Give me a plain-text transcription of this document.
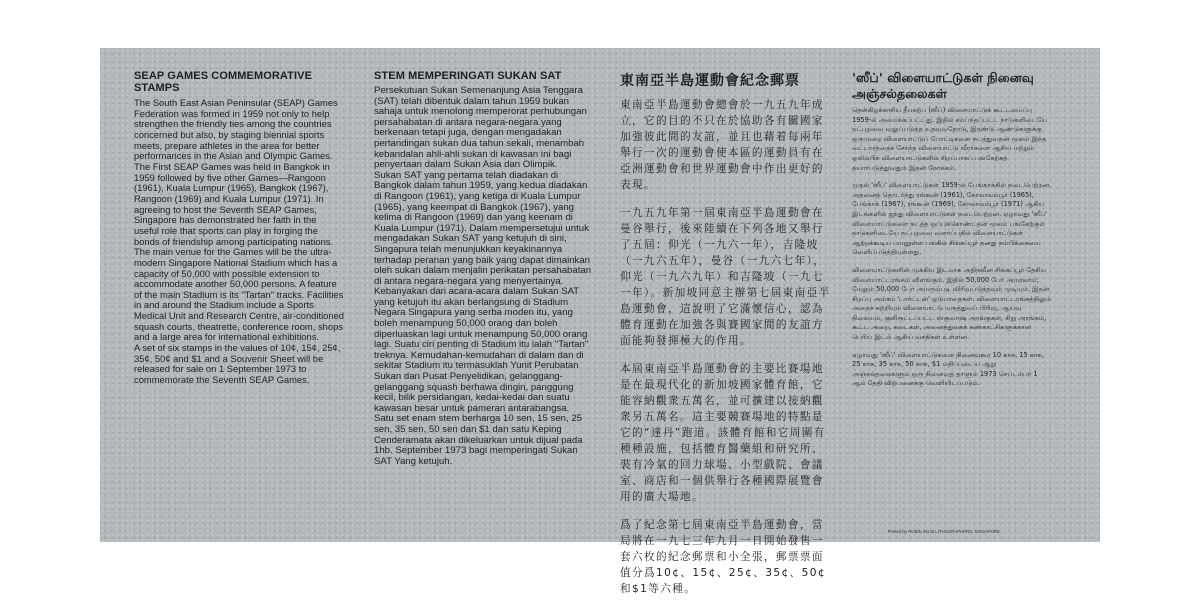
SEAP GAMES COMMEMORATIVE STAMPS

The South East Asian Peninsular (SEAP) Games Federation was formed in 1959 not only to help strengthen the friendly ties among the countries concerned but also, by staging biennial sports meets, prepare athletes in the area for better performances in the Asian and Olympic Games.
The First SEAP Games was held in Bangkok in 1959 followed by five other Games—Rangoon (1961), Kuala Lumpur (1965), Bangkok (1967), Rangoon (1969) and Kuala Lumpur (1971). In agreeing to host the Seventh SEAP Games, Singapore has demonstrated her faith in the useful role that sports can play in forging the bonds of friendship among participating nations.
The main venue for the Games will be the ultra-modern Singapore National Stadium which has a capacity of 50,000 with possible extension to accommodate another 50,000 persons. A feature of the main Stadium is its "Tartan" tracks. Facilities in and around the Stadium include a Sports Medical Unit and Research Centre, air-conditioned squash courts, theatrette, conference room, shops and a large area for international exhibitions.
A set of six stamps in the values of 10¢, 15¢, 25¢, 35¢, 50¢ and $1 and a Souvenir Sheet will be released for sale on 1 September 1973 to commemorate the Seventh SEAP Games.

STEM MEMPERINGATI SUKAN SAT

Persekutuan Sukan Semenanjung Asia Tenggara (SAT) telah dibentuk dalam tahun 1959 bukan sahaja untuk menolong memperorat perhubungan persahabatan di antara negara-negara yang berkenaan tetapi juga, dengan mengadakan pertandingan sukan dua tahun sekali, menambah kebandalan ahli-ahli sukan di kawasan ini bagi penyertaan dalam Sukan Asia dan Olimpik.
Sukan SAT yang pertama telah diadakan di Bangkok dalam tahun 1959, yang kedua diadakan di Rangoon (1961), yang ketiga di Kuala Lumpur (1965), yang keempat di Bangkok (1967), yang kelima di Rangoon (1969) dan yang keenam di Kuala Lumpur (1971). Dalam mempersetujui untuk mengadakan Sukan SAT yang ketujuh di sini, Singapura telah menunjukkan keyakinannya terhadap peranan yang baik yang dapat dimainkan oleh sukan dalam menjalin perikatan persahabatan di antara negara-negara yang menyertainya.
Kebanyakan dari acara-acara dalam Sukan SAT yang ketujuh itu akan berlangsung di Stadium Negara Singapura yang serba moden itu, yang boleh menampung 50,000 orang dan boleh diperluaskan lagi untuk menampung 50,000 orang lagi. Suatu ciri penting di Stadium itu ialah "Tartan" treknya. Kemudahan-kemudahan di dalam dan di sekitar Stadium itu termasuklah Yunit Perubatan Sukan dan Pusat Penyelidikan, gelanggang-gelanggang squash berhawa dingin, panggung kecil, bilik persidangan, kedai-kedai dan suatu kawasan besar untuk pameran antarabangsa.
Satu set enam stem berharga 10 sen, 15 sen, 25 sen, 35 sen, 50 sen dan $1 dan satu Keping Cenderamata akan dikeluarkan untuk dijual pada 1hb. September 1973 bagi memperingati Sukan SAT Yang ketujuh.

東南亞半島運動會紀念郵票

東南亞半島運動會總會於一九五九年成立，它的目的不只在於協助各有關國家加強彼此間的友誼，並且也藉着每兩年舉行一次的運動會使本區的運動員有在亞洲運動會和世界運動會中作出更好的表現。

一九五九年第一屆東南亞半島運動會在曼谷舉行，後來陸續在下列各地又舉行了五屆：仰光（一九六一年），吉隆坡（一九六五年），曼谷（一九六七年），仰光（一九六九年）和吉隆坡（一九七一年）。新加坡同意主辦第七屆東南亞半島運動會，這說明了它滿懷信心，認為體育運動在加強各與賽國家間的友誼方面能夠發揮極大的作用。

本屆東南亞半島運動會的主要比賽場地是在最現代化的新加坡國家體育館，它能容納觀衆五萬名，並可擴建以接納觀衆另五萬名。這主要競賽場地的特點是它的“達丹”跑道。該體育館和它周圍有種種設施，包括體育醫藥組和研究所、裝有冷氣的回力球場、小型戲院、會議室、商店和一個供舉行各種國際展覽會用的廣大場地。

爲了紀念第七屆東南亞半島運動會，當局將在一九七三年九月一日開始發售一套六枚的紀念郵票和小全張，郵票票面值分爲10¢、15¢、25¢、35¢、50¢和$1等六種。

'ஸீப்' விளையாட்டுகள் நினைவு அஞ்சல்தலைகள்

தென்கிழக்காசிய தீபகற்ப (ஸீப்) விளையாட்டுக் கூட்டமைப்பு 1959-ல் அமைக்கப்பட்டது. இதில் சம்பந்தப்பட்ட நாடுகளிடையே நட்புறவை வலுப்படுத்த உதவுவதோடு, இரண்டு ஆண்டுகளுக்கு ஒருமுறை விளையாட்டுப் போட்டிகளை நடத்துவதன் மூலம் இந்த வட்டாரத்தைச் சேர்ந்த விளையாட்டு வீரர்களை ஆசிய மற்றும் ஒலிம்பிக் விளையாட்டுகளில் சிறப்பாகப் பங்கேற்கத் தயார்படுத்துவதும் இதன் நோக்கம்.

முதல் 'ஸீப்' விளையாட்டுகள் 1959-ல் பேங்காக்கில் நடைபெற்றன. அதனைத் தொடர்ந்து ரங்கூன் (1961), கோலாலம்பூர் (1965), பேங்காக் (1967), ரங்கூன் (1969), கோலாலம்பூர் (1971) ஆகிய இடங்களில் ஐந்து விளையாட்டுகள் நடைபெற்றன. ஏழாவது 'ஸீப்' விளையாட்டுகளை நடத்த ஒப்புக்கொண்டதன் மூலம் பங்கேற்கும் நாடுகளிடையே நட்புறவை வளர்ப்பதில் விளையாட்டுகள் ஆற்றக்கூடிய பயனுள்ள பங்கில் சிங்கப்பூர் தனது நம்பிக்கையை வெளிப்படுத்தியுள்ளது.

விளையாட்டுகளின் முக்கிய இடமாக அதிநவீன சிங்கப்பூர் தேசிய விளையாட்டரங்கம் விளங்கும். இதில் 50,000 பேர் அமரலாம்; மேலும் 50,000 பேர் அமரும்படி விரிவுபடுத்தவும் முடியும். இதன் சிறப்பு அம்சம் 'டார்ட்டன்' ஓடுபாதைகள். விளையாட்டரங்கத்திலும் அதைச் சுற்றியும் விளையாட்டு மருத்துவப் பிரிவு, ஆய்வு நிலையம், குளிரூட்டப்பட்ட ஸ்குவாஷ் அரங்குகள், சிறு அரங்கம், கூட்ட அறை, கடைகள், அனைத்துலகக் கண்காட்சிகளுக்கான பெரிய இடம் ஆகிய வசதிகள் உள்ளன.

ஏழாவது 'ஸீப்' விளையாட்டுகளை நினைவுகூர 10 காசு, 15 காசு, 25 காசு, 35 காசு, 50 காசு, $1 மதிப்புடைய ஆறு அஞ்சல்தலைகளும் ஒரு நினைவுத் தாளும் 1973 செப்டம்பர் 1 ஆம் தேதி விற்பனைக்கு வெளியிடப்படும்.

Printed by ROBIN Wood LITHOGRAPHERS, SINGAPORE
